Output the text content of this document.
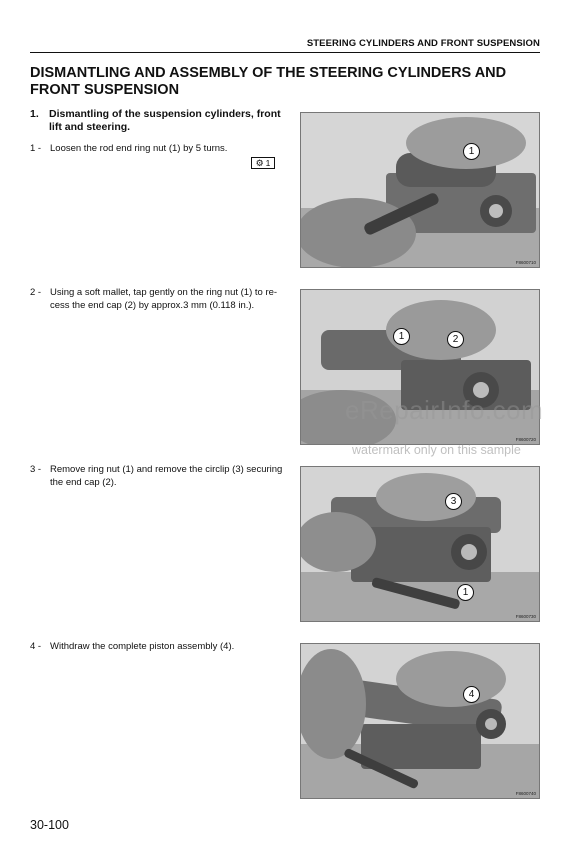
STEERING CYLINDERS AND FRONT SUSPENSION
DISMANTLING AND ASSEMBLY OF THE STEERING CYLINDERS AND
FRONT SUSPENSION
1. Dismantling of the suspension cylinders, front
lift and steering.
1 - Loosen the rod end ring nut (1) by 5 turns.
⚙ 1
2 - Using a soft mallet, tap gently on the ring nut (1) to re-
cess the end cap (2) by approx.3 mm (0.118 in.).
3 - Remove ring nut (1) and remove the circlip (3) securing
the end cap (2).
4 - Withdraw the complete piston assembly (4).
1
F8600710
1	2
F8600720
3
1
F8600730
4
F8600740
eRepairInfo.com
watermark only on this sample
30-100
